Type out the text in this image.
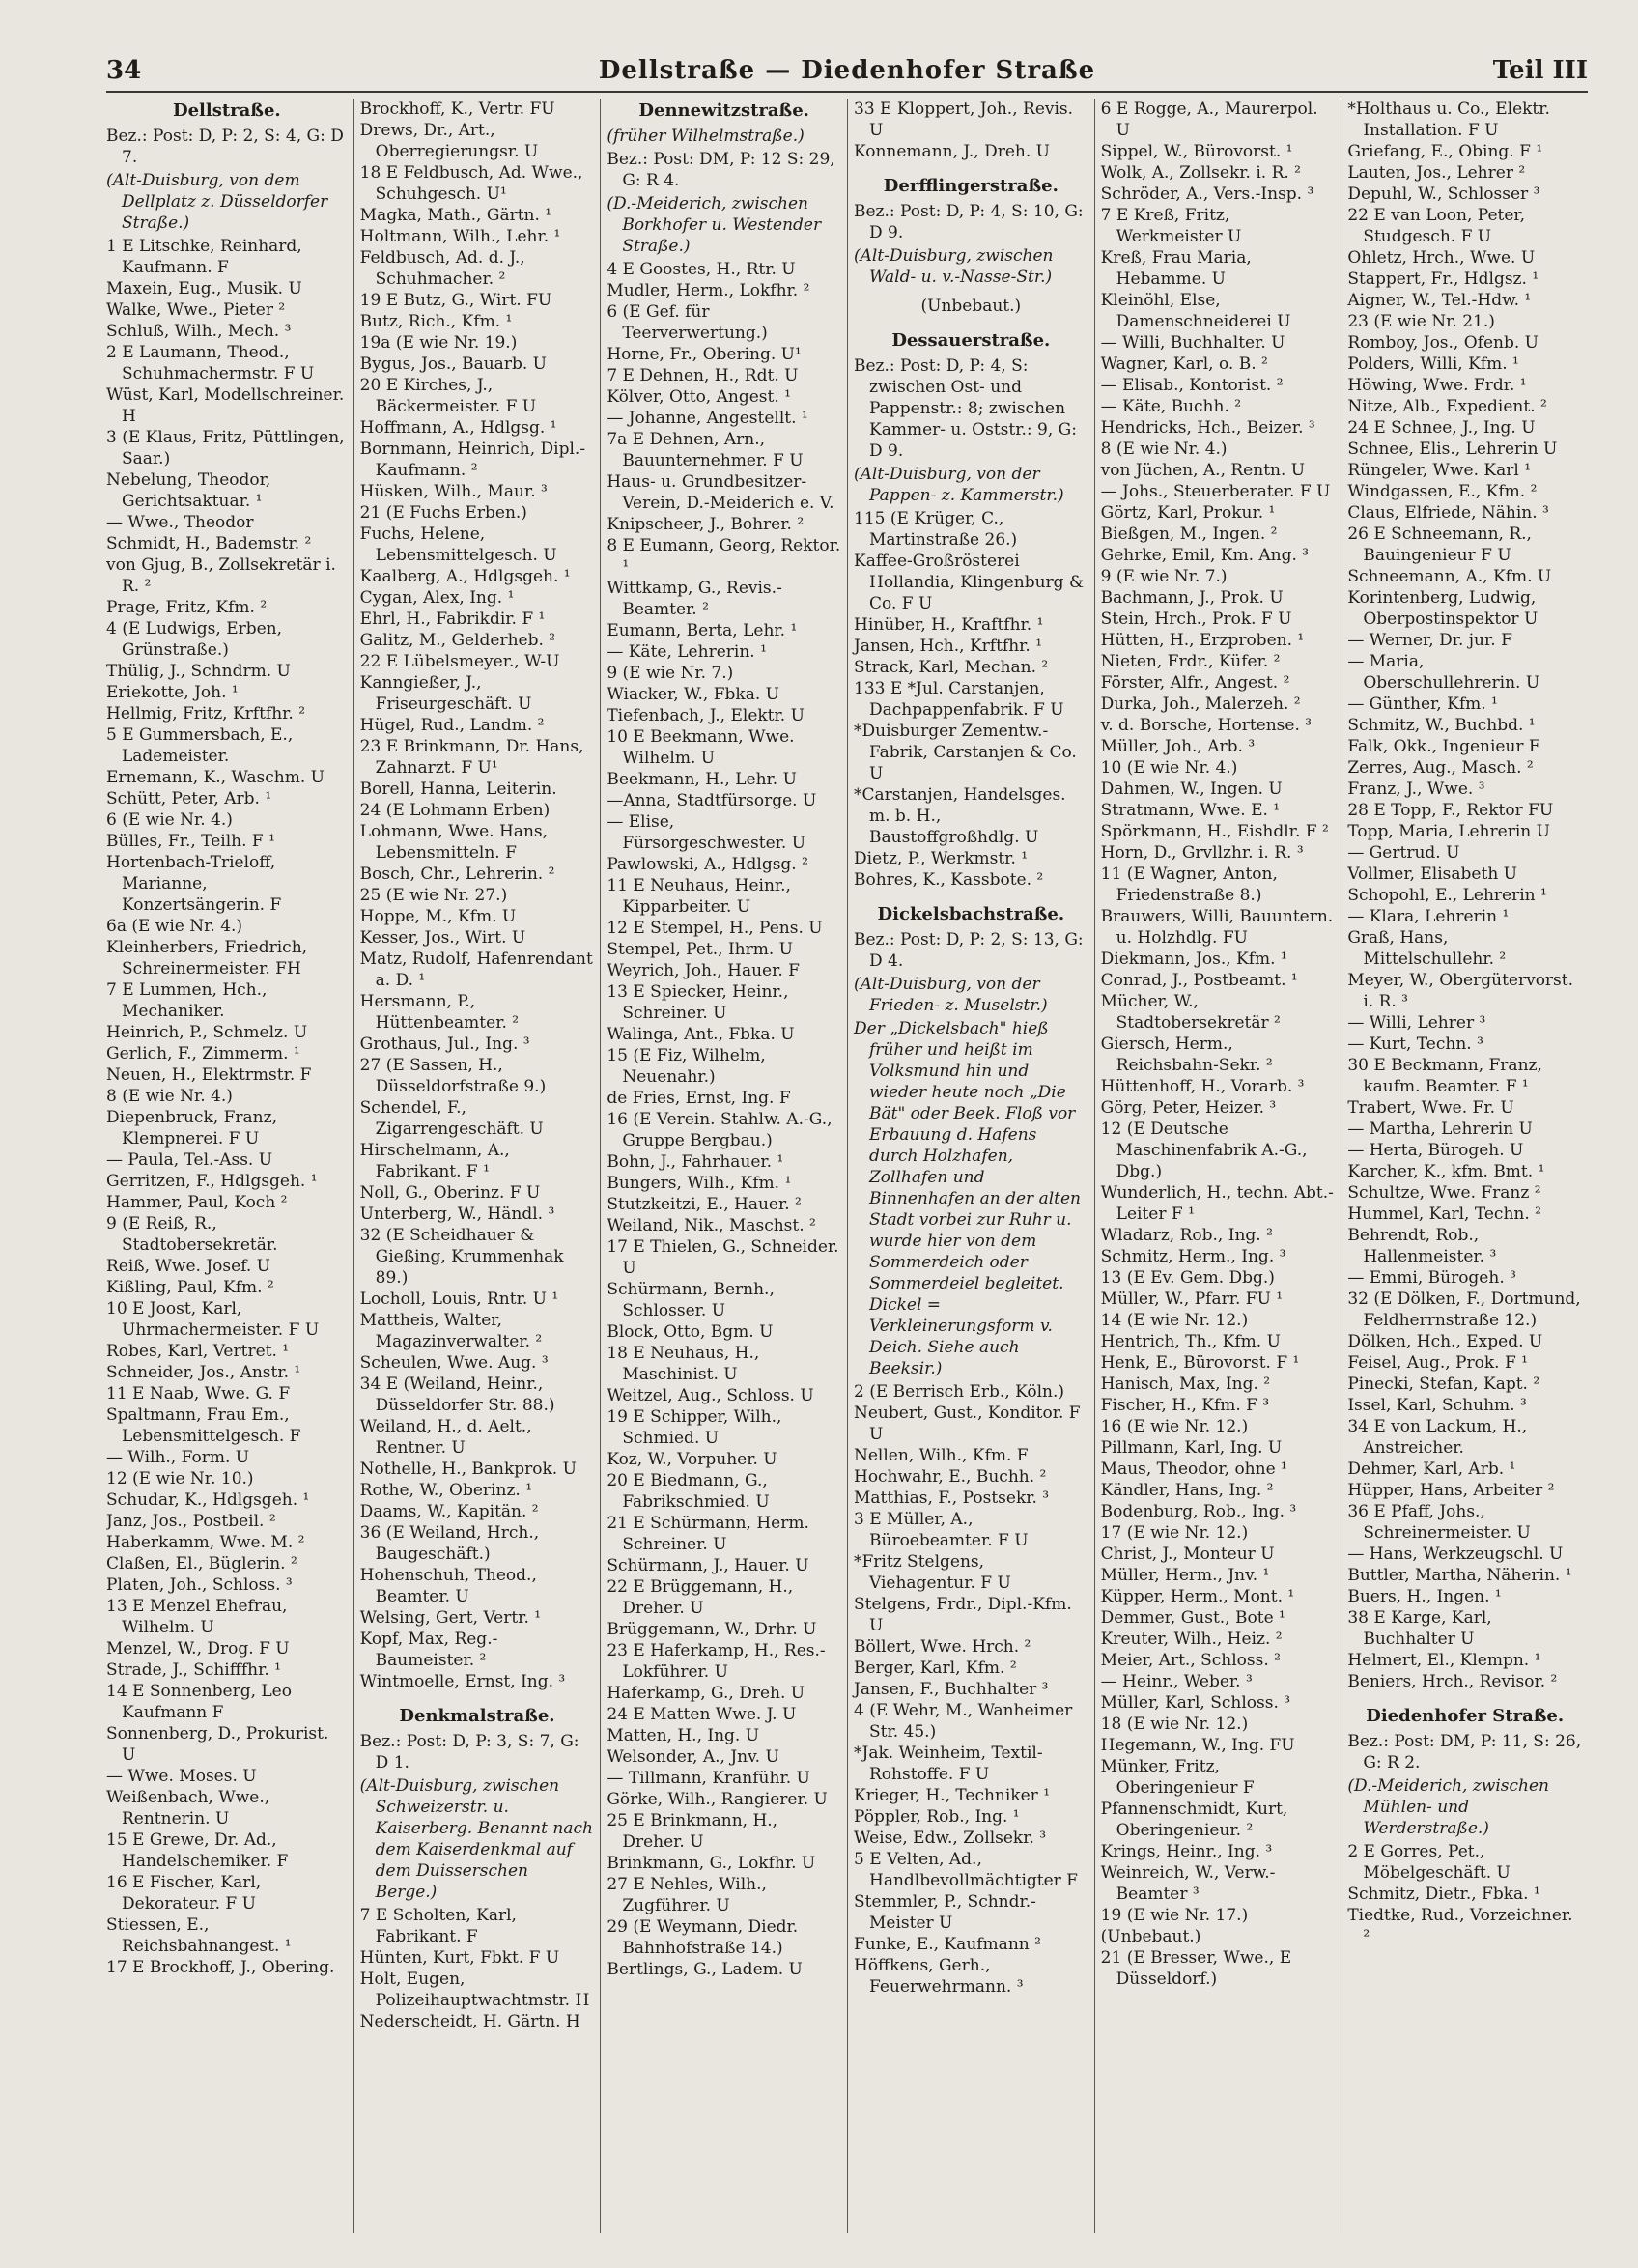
34	Dellstraße — Diedenhofer Straße	Teil III
Dellstraße.
Bez.: Post: D, P: 2, S: 4, G: D 7.
(Alt-Duisburg, von dem Dellplatz z. Düsseldorfer Straße.)
1 E Litschke, Reinhard, Kaufmann. F
Maxein, Eug., Musik. U
Walke, Wwe., Pieter ²
Schluß, Wilh., Mech. ³
2 E Laumann, Theod., Schuhmachermstr. F U
Wüst, Karl, Modellschreiner. H
3 (E Klaus, Fritz, Püttlingen, Saar.)
Nebelung, Theodor, Gerichtsaktuar. ¹
— Wwe., Theodor
Schmidt, H., Bademstr. ²
von Gjug, B., Zollsekretär i. R. ²
Prage, Fritz, Kfm. ²
4 (E Ludwigs, Erben, Grünstraße.)
Thülig, J., Schndrm. U
Eriekotte, Joh. ¹
Hellmig, Fritz, Krftfhr. ²
5 E Gummersbach, E., Lademeister.
Ernemann, K., Waschm. U
Schütt, Peter, Arb. ¹
6 (E wie Nr. 4.)
Bülles, Fr., Teilh. F ¹
Hortenbach-Trieloff, Marianne, Konzertsängerin. F
6a (E wie Nr. 4.)
Kleinherbers, Friedrich, Schreinermeister. FH
7 E Lummen, Hch., Mechaniker.
Heinrich, P., Schmelz. U
Gerlich, F., Zimmerm. ¹
Neuen, H., Elektrmstr. F
8 (E wie Nr. 4.)
Diepenbruck, Franz, Klempnerei. F U
— Paula, Tel.-Ass. U
Gerritzen, F., Hdlgsgeh. ¹
Hammer, Paul, Koch ²
9 (E Reiß, R., Stadtobersekretär.
Reiß, Wwe. Josef. U
Kißling, Paul, Kfm. ²
10 E Joost, Karl, Uhrmachermeister. F U
Robes, Karl, Vertret. ¹
Schneider, Jos., Anstr. ¹
11 E Naab, Wwe. G. F
Spaltmann, Frau Em., Lebensmittelgesch. F
— Wilh., Form. U
12 (E wie Nr. 10.)
Schudar, K., Hdlgsgeh. ¹
Janz, Jos., Postbeil. ²
Haberkamm, Wwe. M. ²
Claßen, El., Büglerin. ²
Platen, Joh., Schloss. ³
13 E Menzel Ehefrau, Wilhelm. U
Menzel, W., Drog. F U
Strade, J., Schifffhr. ¹
14 E Sonnenberg, Leo Kaufmann F
Sonnenberg, D., Prokurist. U
— Wwe. Moses. U
Weißenbach, Wwe., Rentnerin. U
15 E Grewe, Dr. Ad., Handelschemiker. F
16 E Fischer, Karl, Dekorateur. F U
Stiessen, E., Reichsbahnangest. ¹
17 E Brockhoff, J., Obering.
Brockhoff, K., Vertr. FU
Drews, Dr., Art., Oberregierungsr. U
18 E Feldbusch, Ad. Wwe., Schuhgesch. U¹
Magka, Math., Gärtn. ¹
Holtmann, Wilh., Lehr. ¹
Feldbusch, Ad. d. J., Schuhmacher. ²
19 E Butz, G., Wirt. FU
Butz, Rich., Kfm. ¹
19a (E wie Nr. 19.)
Bygus, Jos., Bauarb. U
20 E Kirches, J., Bäckermeister. F U
Hoffmann, A., Hdlgsg. ¹
Bornmann, Heinrich, Dipl.-Kaufmann. ²
Hüsken, Wilh., Maur. ³
21 (E Fuchs Erben.)
Fuchs, Helene, Lebensmittelgesch. U
Kaalberg, A., Hdlgsgeh. ¹
Cygan, Alex, Ing. ¹
Ehrl, H., Fabrikdir. F ¹
Galitz, M., Gelderheb. ²
22 E Lübelsmeyer., W-U
Kanngießer, J., Friseurgeschäft. U
Hügel, Rud., Landm. ²
23 E Brinkmann, Dr. Hans, Zahnarzt. F U¹
Borell, Hanna, Leiterin.
24 (E Lohmann Erben)
Lohmann, Wwe. Hans, Lebensmitteln. F
Bosch, Chr., Lehrerin. ²
25 (E wie Nr. 27.)
Hoppe, M., Kfm. U
Kesser, Jos., Wirt. U
Matz, Rudolf, Hafenrendant a. D. ¹
Hersmann, P., Hüttenbeamter. ²
Grothaus, Jul., Ing. ³
27 (E Sassen, H., Düsseldorfstraße 9.)
Schendel, F., Zigarrengeschäft. U
Hirschelmann, A., Fabrikant. F ¹
Noll, G., Oberinz. F U
Unterberg, W., Händl. ³
32 (E Scheidhauer & Gießing, Krummenhak 89.)
Locholl, Louis, Rntr. U ¹
Mattheis, Walter, Magazinverwalter. ²
Scheulen, Wwe. Aug. ³
34 E (Weiland, Heinr., Düsseldorfer Str. 88.)
Weiland, H., d. Aelt., Rentner. U
Nothelle, H., Bankprok. U
Rothe, W., Oberinz. ¹
Daams, W., Kapitän. ²
36 (E Weiland, Hrch., Baugeschäft.)
Hohenschuh, Theod., Beamter. U
Welsing, Gert, Vertr. ¹
Kopf, Max, Reg.-Baumeister. ²
Wintmoelle, Ernst, Ing. ³
Denkmalstraße.
Bez.: Post: D, P: 3, S: 7, G: D 1.
(Alt-Duisburg, zwischen Schweizerstr. u. Kaiserberg. Benannt nach dem Kaiserdenkmal auf dem Duisserschen Berge.)
7 E Scholten, Karl, Fabrikant. F
Hünten, Kurt, Fbkt. F U
Holt, Eugen, Polizeihauptwachtmstr. H
Nederscheidt, H. Gärtn. H
Dennewitzstraße.
(früher Wilhelmstraße.)
Bez.: Post: DM, P: 12 S: 29, G: R 4.
(D.-Meiderich, zwischen Borkhofer u. Westender Straße.)
4 E Goostes, H., Rtr. U
Mudler, Herm., Lokfhr. ²
6 (E Gef. für Teerverwertung.)
Horne, Fr., Obering. U¹
7 E Dehnen, H., Rdt. U
Kölver, Otto, Angest. ¹
— Johanne, Angestellt. ¹
7a E Dehnen, Arn., Bauunternehmer. F U
Haus- u. Grundbesitzer-Verein, D.-Meiderich e. V.
Knipscheer, J., Bohrer. ²
8 E Eumann, Georg, Rektor. ¹
Wittkamp, G., Revis.-Beamter. ²
Eumann, Berta, Lehr. ¹
— Käte, Lehrerin. ¹
9 (E wie Nr. 7.)
Wiacker, W., Fbka. U
Tiefenbach, J., Elektr. U
10 E Beekmann, Wwe. Wilhelm. U
Beekmann, H., Lehr. U
—Anna, Stadtfürsorge. U
— Elise, Fürsorgeschwester. U
Pawlowski, A., Hdlgsg. ²
11 E Neuhaus, Heinr., Kipparbeiter. U
12 E Stempel, H., Pens. U
Stempel, Pet., Ihrm. U
Weyrich, Joh., Hauer. F
13 E Spiecker, Heinr., Schreiner. U
Walinga, Ant., Fbka. U
15 (E Fiz, Wilhelm, Neuenahr.)
de Fries, Ernst, Ing. F
16 (E Verein. Stahlw. A.-G., Gruppe Bergbau.)
Bohn, J., Fahrhauer. ¹
Bungers, Wilh., Kfm. ¹
Stutzkeitzi, E., Hauer. ²
Weiland, Nik., Maschst. ²
17 E Thielen, G., Schneider. U
Schürmann, Bernh., Schlosser. U
Block, Otto, Bgm. U
18 E Neuhaus, H., Maschinist. U
Weitzel, Aug., Schloss. U
19 E Schipper, Wilh., Schmied. U
Koz, W., Vorpuher. U
20 E Biedmann, G., Fabrikschmied. U
21 E Schürmann, Herm. Schreiner. U
Schürmann, J., Hauer. U
22 E Brüggemann, H., Dreher. U
Brüggemann, W., Drhr. U
23 E Haferkamp, H., Res.-Lokführer. U
Haferkamp, G., Dreh. U
24 E Matten Wwe. J. U
Matten, H., Ing. U
Welsonder, A., Jnv. U
— Tillmann, Kranführ. U
Görke, Wilh., Rangierer. U
25 E Brinkmann, H., Dreher. U
Brinkmann, G., Lokfhr. U
27 E Nehles, Wilh., Zugführer. U
29 (E Weymann, Diedr. Bahnhofstraße 14.)
Bertlings, G., Ladem. U
33 E Kloppert, Joh., Revis. U
Konnemann, J., Dreh. U
Derfflingerstraße.
Bez.: Post: D, P: 4, S: 10, G: D 9.
(Alt-Duisburg, zwischen Wald- u. v.-Nasse-Str.)
(Unbebaut.)
Dessauerstraße.
Bez.: Post: D, P: 4, S: zwischen Ost- und Pappenstr.: 8; zwischen Kammer- u. Oststr.: 9, G: D 9.
(Alt-Duisburg, von der Pappen- z. Kammerstr.)
115 (E Krüger, C., Martinstraße 26.)
Kaffee-Großrösterei Hollandia, Klingenburg & Co. F U
Hinüber, H., Kraftfhr. ¹
Jansen, Hch., Krftfhr. ¹
Strack, Karl, Mechan. ²
133 E *Jul. Carstanjen, Dachpappenfabrik. F U
*Duisburger Zementw.-Fabrik, Carstanjen & Co. U
*Carstanjen, Handelsges. m. b. H., Baustoffgroßhdlg. U
Dietz, P., Werkmstr. ¹
Bohres, K., Kassbote. ²
Dickelsbachstraße.
Bez.: Post: D, P: 2, S: 13, G: D 4.
(Alt-Duisburg, von der Frieden- z. Muselstr.)
Der „Dickelsbach" hieß früher und heißt im Volksmund hin und wieder heute noch „Die Bät" oder Beek. Floß vor Erbauung d. Hafens durch Holzhafen, Zollhafen und Binnenhafen an der alten Stadt vorbei zur Ruhr u. wurde hier von dem Sommerdeich oder Sommerdeiel begleitet. Dickel = Verkleinerungsform v. Deich. Siehe auch Beeksir.)
2 (E Berrisch Erb., Köln.)
Neubert, Gust., Konditor. F U
Nellen, Wilh., Kfm. F
Hochwahr, E., Buchh. ²
Matthias, F., Postsekr. ³
3 E Müller, A., Büroebeamter. F U
*Fritz Stelgens, Viehagentur. F U
Stelgens, Frdr., Dipl.-Kfm. U
Böllert, Wwe. Hrch. ²
Berger, Karl, Kfm. ²
Jansen, F., Buchhalter ³
4 (E Wehr, M., Wanheimer Str. 45.)
*Jak. Weinheim, Textil-Rohstoffe. F U
Krieger, H., Techniker ¹
Pöppler, Rob., Ing. ¹
Weise, Edw., Zollsekr. ³
5 E Velten, Ad., Handlbevollmächtigter F
Stemmler, P., Schndr.-Meister U
Funke, E., Kaufmann ²
Höffkens, Gerh., Feuerwehrmann. ³
6 E Rogge, A., Maurerpol. U
Sippel, W., Bürovorst. ¹
Wolk, A., Zollsekr. i. R. ²
Schröder, A., Vers.-Insp. ³
7 E Kreß, Fritz, Werkmeister U
Kreß, Frau Maria, Hebamme. U
Kleinöhl, Else, Damenschneiderei U
— Willi, Buchhalter. U
Wagner, Karl, o. B. ²
— Elisab., Kontorist. ²
— Käte, Buchh. ²
Hendricks, Hch., Beizer. ³
8 (E wie Nr. 4.)
von Jüchen, A., Rentn. U
— Johs., Steuerberater. F U
Görtz, Karl, Prokur. ¹
Bießgen, M., Ingen. ²
Gehrke, Emil, Km. Ang. ³
9 (E wie Nr. 7.)
Bachmann, J., Prok. U
Stein, Hrch., Prok. F U
Hütten, H., Erzproben. ¹
Nieten, Frdr., Küfer. ²
Förster, Alfr., Angest. ²
Durka, Joh., Malerzeh. ²
v. d. Borsche, Hortense. ³
Müller, Joh., Arb. ³
10 (E wie Nr. 4.)
Dahmen, W., Ingen. U
Stratmann, Wwe. E. ¹
Spörkmann, H., Eishdlr. F ²
Horn, D., Grvllzhr. i. R. ³
11 (E Wagner, Anton, Friedenstraße 8.)
Brauwers, Willi, Bauuntern. u. Holzhdlg. FU
Diekmann, Jos., Kfm. ¹
Conrad, J., Postbeamt. ¹
Mücher, W., Stadtobersekretär ²
Giersch, Herm., Reichsbahn-Sekr. ²
Hüttenhoff, H., Vorarb. ³
Görg, Peter, Heizer. ³
12 (E Deutsche Maschinenfabrik A.-G., Dbg.)
Wunderlich, H., techn. Abt.-Leiter F ¹
Wladarz, Rob., Ing. ²
Schmitz, Herm., Ing. ³
13 (E Ev. Gem. Dbg.)
Müller, W., Pfarr. FU ¹
14 (E wie Nr. 12.)
Hentrich, Th., Kfm. U
Henk, E., Bürovorst. F ¹
Hanisch, Max, Ing. ²
Fischer, H., Kfm. F ³
16 (E wie Nr. 12.)
Pillmann, Karl, Ing. U
Maus, Theodor, ohne ¹
Kändler, Hans, Ing. ²
Bodenburg, Rob., Ing. ³
17 (E wie Nr. 12.)
Christ, J., Monteur U
Müller, Herm., Jnv. ¹
Küpper, Herm., Mont. ¹
Demmer, Gust., Bote ¹
Kreuter, Wilh., Heiz. ²
Meier, Art., Schloss. ²
— Heinr., Weber. ³
Müller, Karl, Schloss. ³
18 (E wie Nr. 12.)
Hegemann, W., Ing. FU
Münker, Fritz, Oberingenieur F
Pfannenschmidt, Kurt, Oberingenieur. ²
Krings, Heinr., Ing. ³
Weinreich, W., Verw.-Beamter ³
19 (E wie Nr. 17.)
(Unbebaut.)
21 (E Bresser, Wwe., E Düsseldorf.)
*Holthaus u. Co., Elektr. Installation. F U
Griefang, E., Obing. F ¹
Lauten, Jos., Lehrer ²
Depuhl, W., Schlosser ³
22 E van Loon, Peter, Studgesch. F U
Ohletz, Hrch., Wwe. U
Stappert, Fr., Hdlgsz. ¹
Aigner, W., Tel.-Hdw. ¹
23 (E wie Nr. 21.)
Romboy, Jos., Ofenb. U
Polders, Willi, Kfm. ¹
Höwing, Wwe. Frdr. ¹
Nitze, Alb., Expedient. ²
24 E Schnee, J., Ing. U
Schnee, Elis., Lehrerin U
Rüngeler, Wwe. Karl ¹
Windgassen, E., Kfm. ²
Claus, Elfriede, Nähin. ³
26 E Schneemann, R., Bauingenieur F U
Schneemann, A., Kfm. U
Korintenberg, Ludwig, Oberpostinspektor U
— Werner, Dr. jur. F
— Maria, Oberschullehrerin. U
— Günther, Kfm. ¹
Schmitz, W., Buchbd. ¹
Falk, Okk., Ingenieur F
Zerres, Aug., Masch. ²
Franz, J., Wwe. ³
28 E Topp, F., Rektor FU
Topp, Maria, Lehrerin U
— Gertrud. U
Vollmer, Elisabeth U
Schopohl, E., Lehrerin ¹
— Klara, Lehrerin ¹
Graß, Hans, Mittelschullehr. ²
Meyer, W., Obergütervorst. i. R. ³
— Willi, Lehrer ³
— Kurt, Techn. ³
30 E Beckmann, Franz, kaufm. Beamter. F ¹
Trabert, Wwe. Fr. U
— Martha, Lehrerin U
— Herta, Bürogeh. U
Karcher, K., kfm. Bmt. ¹
Schultze, Wwe. Franz ²
Hummel, Karl, Techn. ²
Behrendt, Rob., Hallenmeister. ³
— Emmi, Bürogeh. ³
32 (E Dölken, F., Dortmund, Feldherrnstraße 12.)
Dölken, Hch., Exped. U
Feisel, Aug., Prok. F ¹
Pinecki, Stefan, Kapt. ²
Issel, Karl, Schuhm. ³
34 E von Lackum, H., Anstreicher.
Dehmer, Karl, Arb. ¹
Hüpper, Hans, Arbeiter ²
36 E Pfaff, Johs., Schreinermeister. U
— Hans, Werkzeugschl. U
Buttler, Martha, Näherin. ¹
Buers, H., Ingen. ¹
38 E Karge, Karl, Buchhalter U
Helmert, El., Klempn. ¹
Beniers, Hrch., Revisor. ²
Diedenhofer Straße.
Bez.: Post: DM, P: 11, S: 26, G: R 2.
(D.-Meiderich, zwischen Mühlen- und Werderstraße.)
2 E Gorres, Pet., Möbelgeschäft. U
Schmitz, Dietr., Fbka. ¹
Tiedtke, Rud., Vorzeichner. ²
